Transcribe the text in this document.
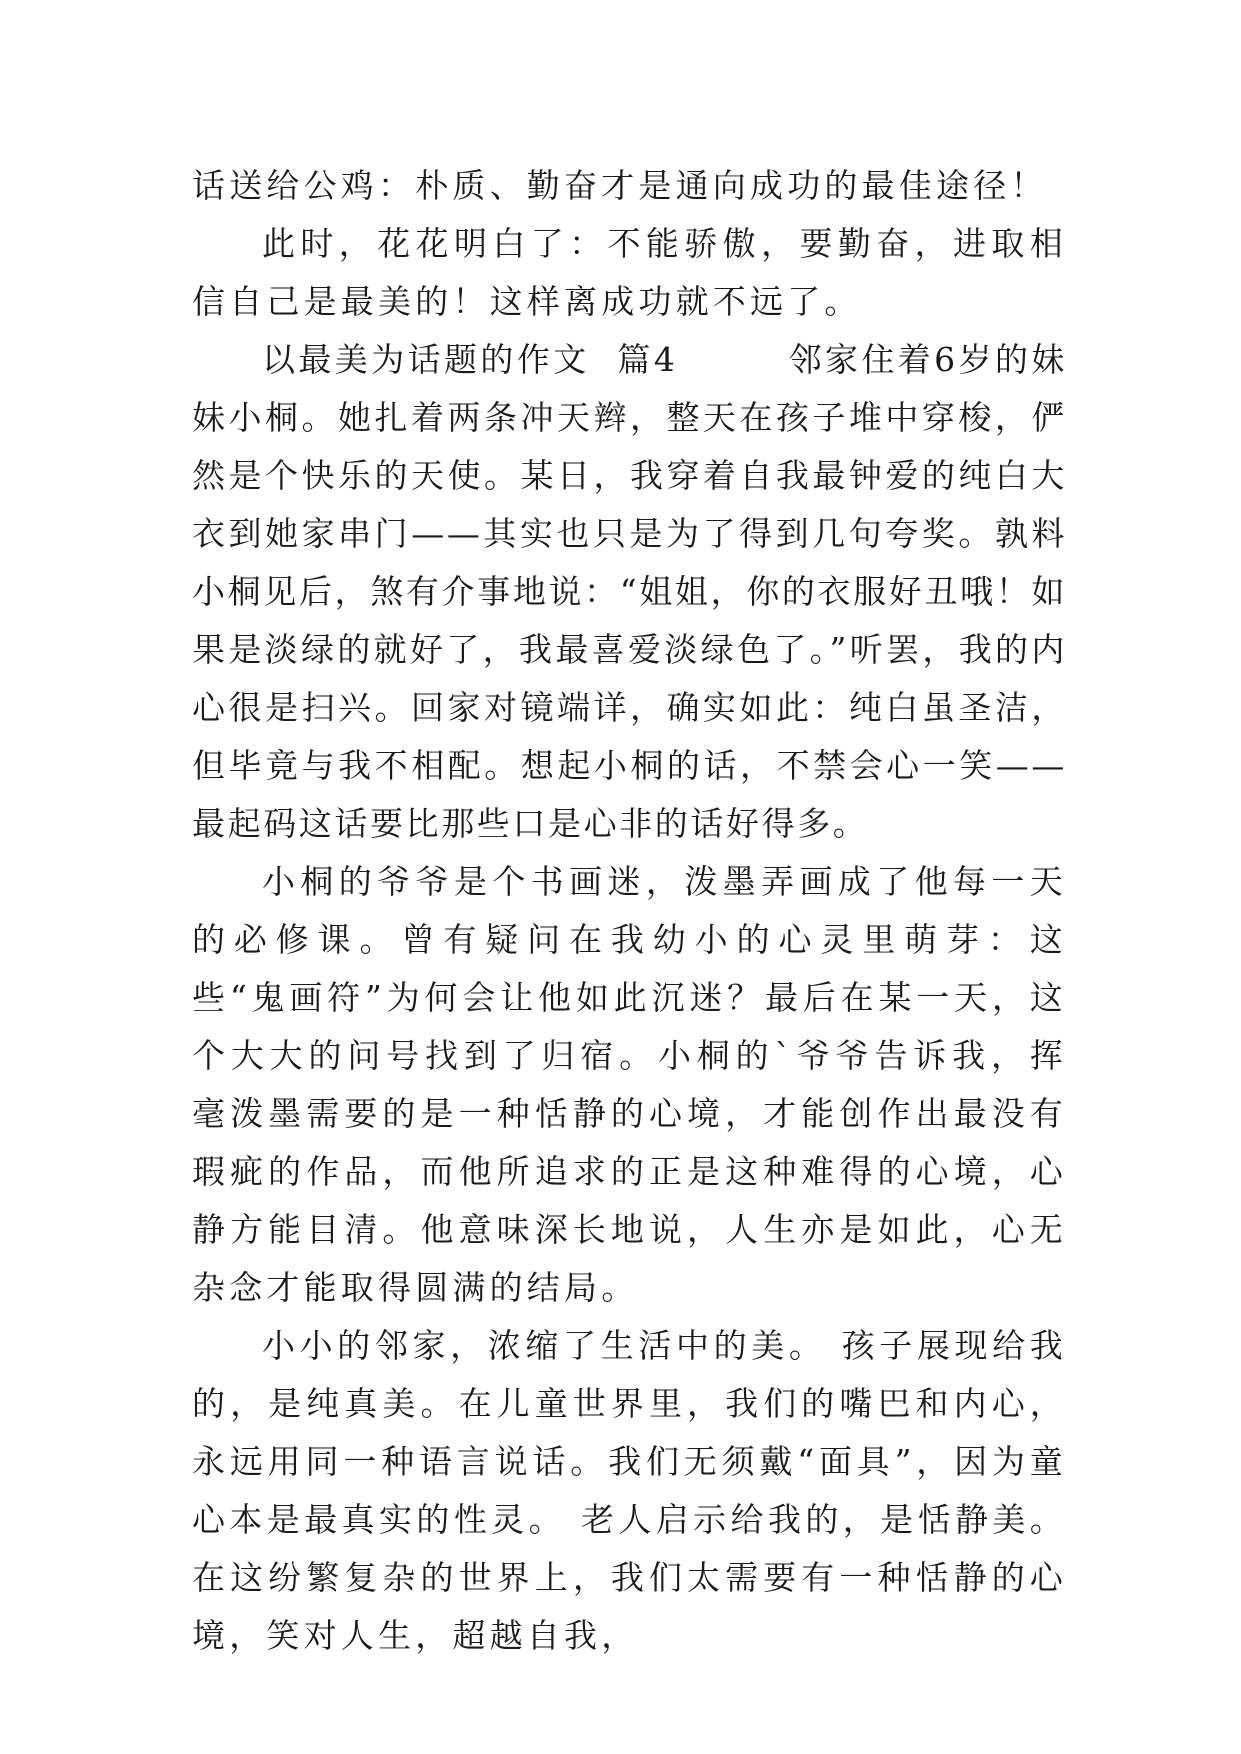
话送给公鸡：朴质、勤奋才是通向成功的最佳途径！

此时，花花明白了：不能骄傲，要勤奋，进取相信自己是最美的！这样离成功就不远了。

以最美为话题的作文  篇4        邻家住着6岁的妹妹小桐。她扎着两条冲天辫，整天在孩子堆中穿梭，俨然是个快乐的天使。某日，我穿着自我最钟爱的纯白大衣到她家串门——其实也只是为了得到几句夸奖。孰料小桐见后，煞有介事地说：“姐姐，你的衣服好丑哦！如果是淡绿的就好了，我最喜爱淡绿色了。”听罢，我的内心很是扫兴。回家对镜端详，确实如此：纯白虽圣洁，但毕竟与我不相配。想起小桐的话，不禁会心一笑——最起码这话要比那些口是心非的话好得多。

小桐的爷爷是个书画迷，泼墨弄画成了他每一天的必修课。曾有疑问在我幼小的心灵里萌芽：这些“鬼画符”为何会让他如此沉迷？最后在某一天，这个大大的问号找到了归宿。小桐的`爷爷告诉我，挥毫泼墨需要的是一种恬静的心境，才能创作出最没有瑕疵的作品，而他所追求的正是这种难得的心境，心静方能目清。他意味深长地说，人生亦是如此，心无杂念才能取得圆满的结局。

小小的邻家，浓缩了生活中的美。 孩子展现给我的，是纯真美。在儿童世界里，我们的嘴巴和内心，永远用同一种语言说话。我们无须戴“面具”，因为童心本是最真实的性灵。 老人启示给我的，是恬静美。在这纷繁复杂的世界上，我们太需要有一种恬静的心境，笑对人生，超越自我，
